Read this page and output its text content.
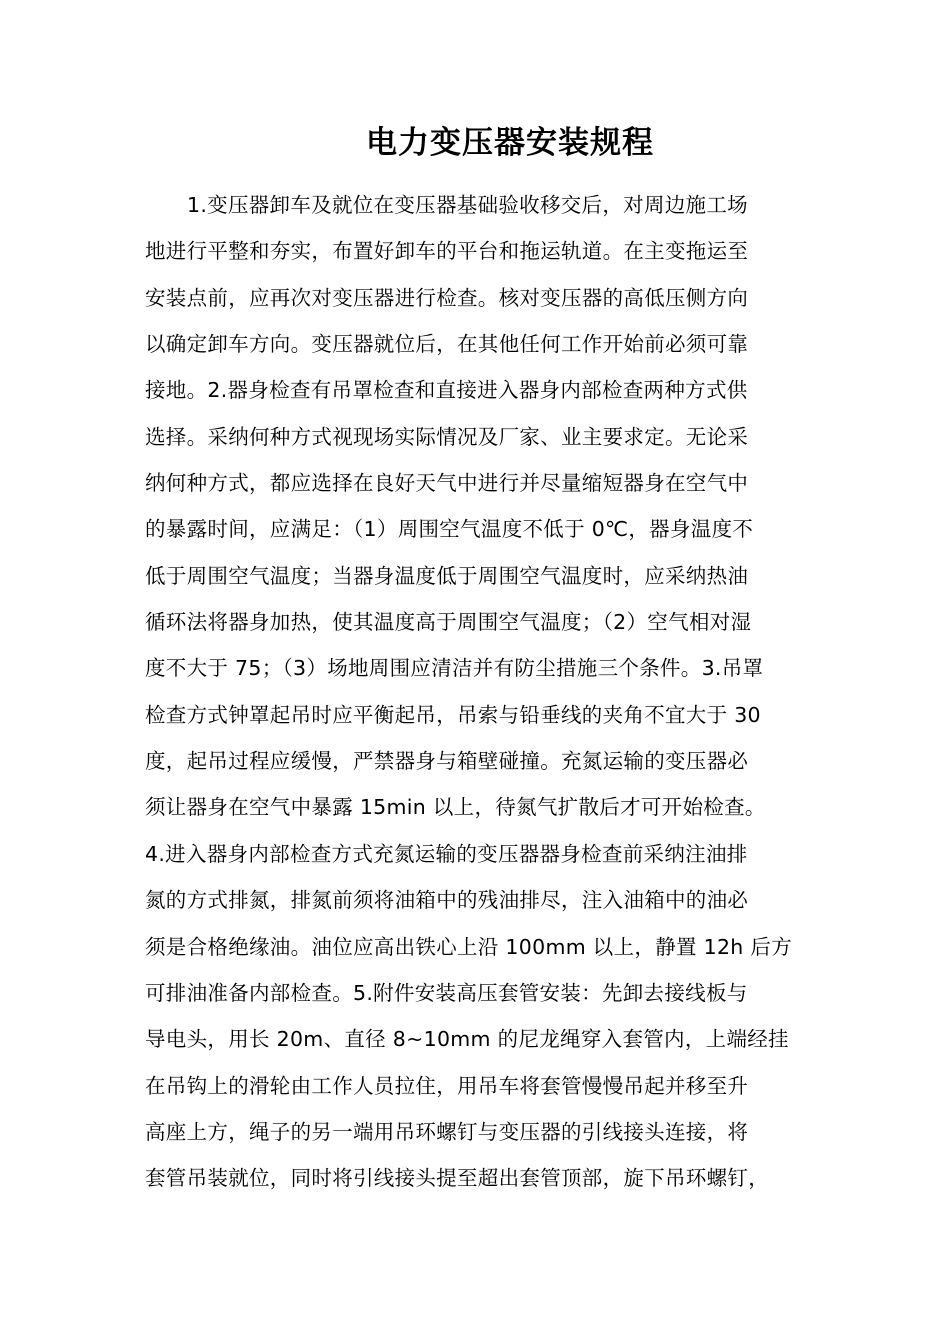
电力变压器安装规程
1.变压器卸车及就位在变压器基础验收移交后，对周边施工场
地进行平整和夯实，布置好卸车的平台和拖运轨道。在主变拖运至
安装点前，应再次对变压器进行检查。核对变压器的高低压侧方向
以确定卸车方向。变压器就位后，在其他任何工作开始前必须可靠
接地。2.器身检查有吊罩检查和直接进入器身内部检查两种方式供
选择。采纳何种方式视现场实际情况及厂家、业主要求定。无论采
纳何种方式，都应选择在良好天气中进行并尽量缩短器身在空气中
的暴露时间，应满足：（1）周围空气温度不低于 0℃，器身温度不
低于周围空气温度；当器身温度低于周围空气温度时，应采纳热油
循环法将器身加热，使其温度高于周围空气温度；（2）空气相对湿
度不大于 75；（3）场地周围应清洁并有防尘措施三个条件。3.吊罩
检查方式钟罩起吊时应平衡起吊，吊索与铅垂线的夹角不宜大于 30
度，起吊过程应缓慢，严禁器身与箱壁碰撞。充氮运输的变压器必
须让器身在空气中暴露 15min 以上，待氮气扩散后才可开始检查。
4.进入器身内部检查方式充氮运输的变压器器身检查前采纳注油排
氮的方式排氮，排氮前须将油箱中的残油排尽，注入油箱中的油必
须是合格绝缘油。油位应高出铁心上沿 100mm 以上，静置 12h 后方
可排油准备内部检查。5.附件安装高压套管安装：先卸去接线板与
导电头，用长 20m、直径 8~10mm 的尼龙绳穿入套管内，上端经挂
在吊钩上的滑轮由工作人员拉住，用吊车将套管慢慢吊起并移至升
高座上方，绳子的另一端用吊环螺钉与变压器的引线接头连接，将
套管吊装就位，同时将引线接头提至超出套管顶部，旋下吊环螺钉，
